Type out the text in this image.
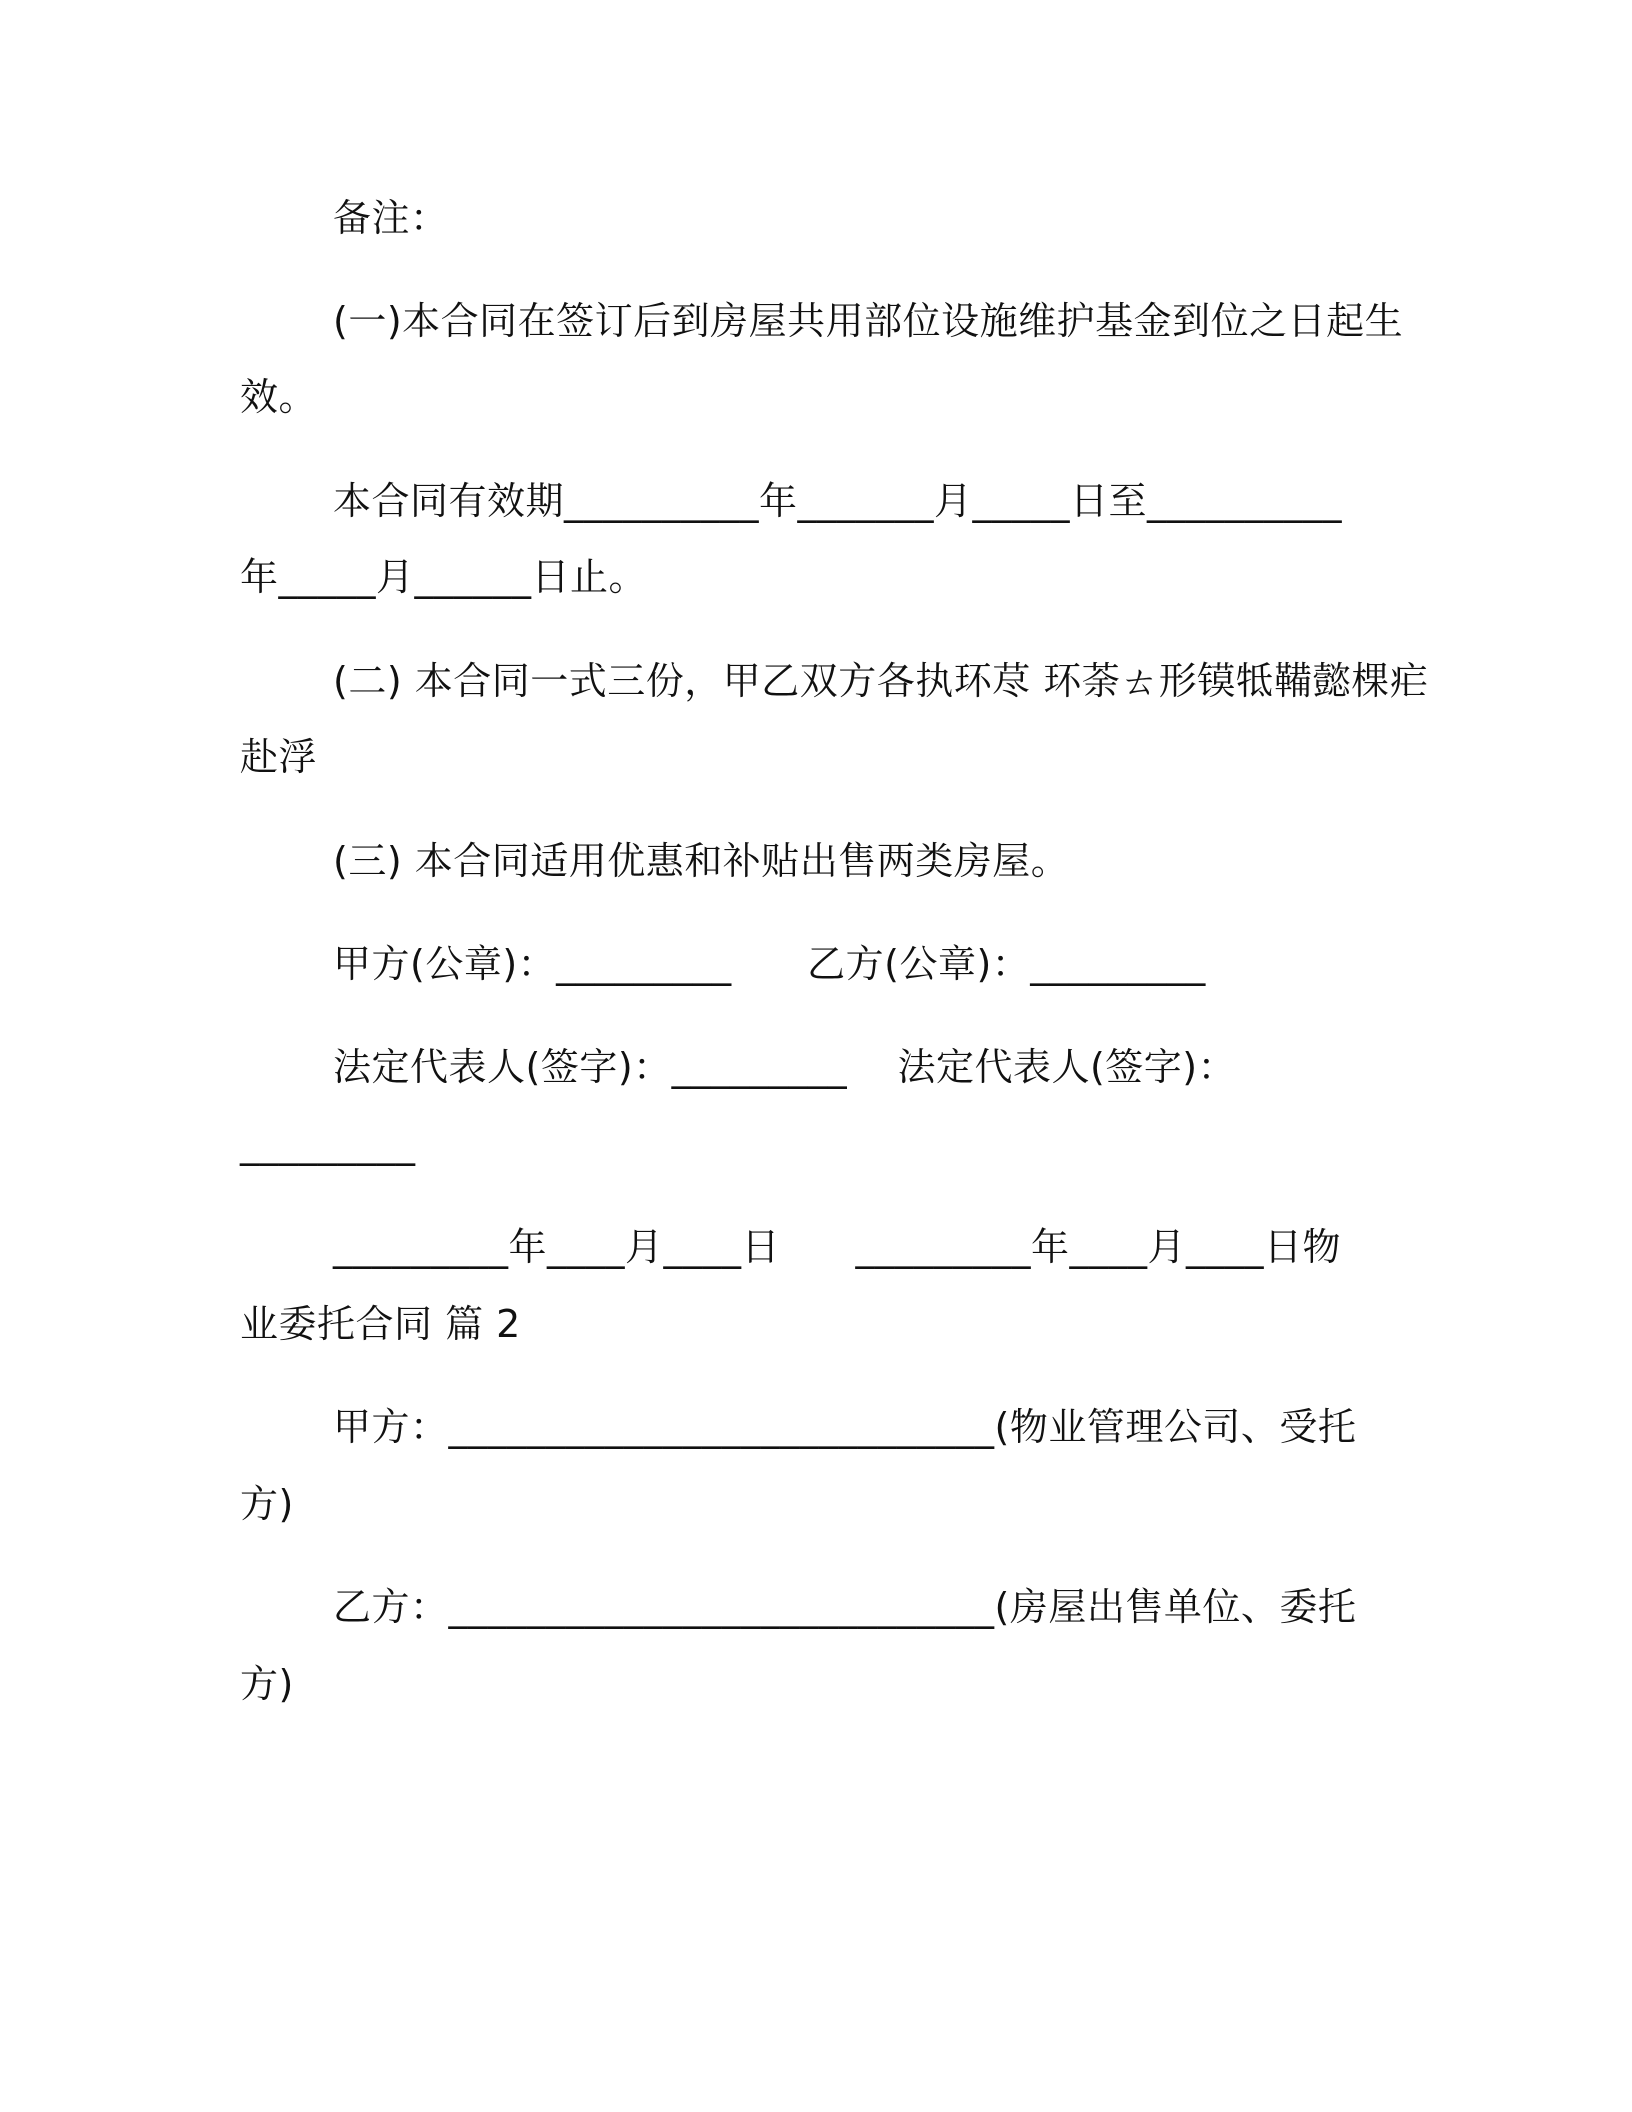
备注：
(一)本合同在签订后到房屋共用部位设施维护基金到位之日起生
效。
本合同有效期__________年_______月_____日至__________
年_____月______日止。
(二) 本合同一式三份，甲乙双方各执环荩 环荼ㄊ形镆牴鞴懿棵疟
赴浮
(三) 本合同适用优惠和补贴出售两类房屋。
甲方(公章)：_________      乙方(公章)：_________
法定代表人(签字)：_________    法定代表人(签字)：
_________
_________年____月____日      _________年____月____日物
业委托合同 篇 2
甲方：____________________________(物业管理公司、受托
方)
乙方：____________________________(房屋出售单位、委托
方)
